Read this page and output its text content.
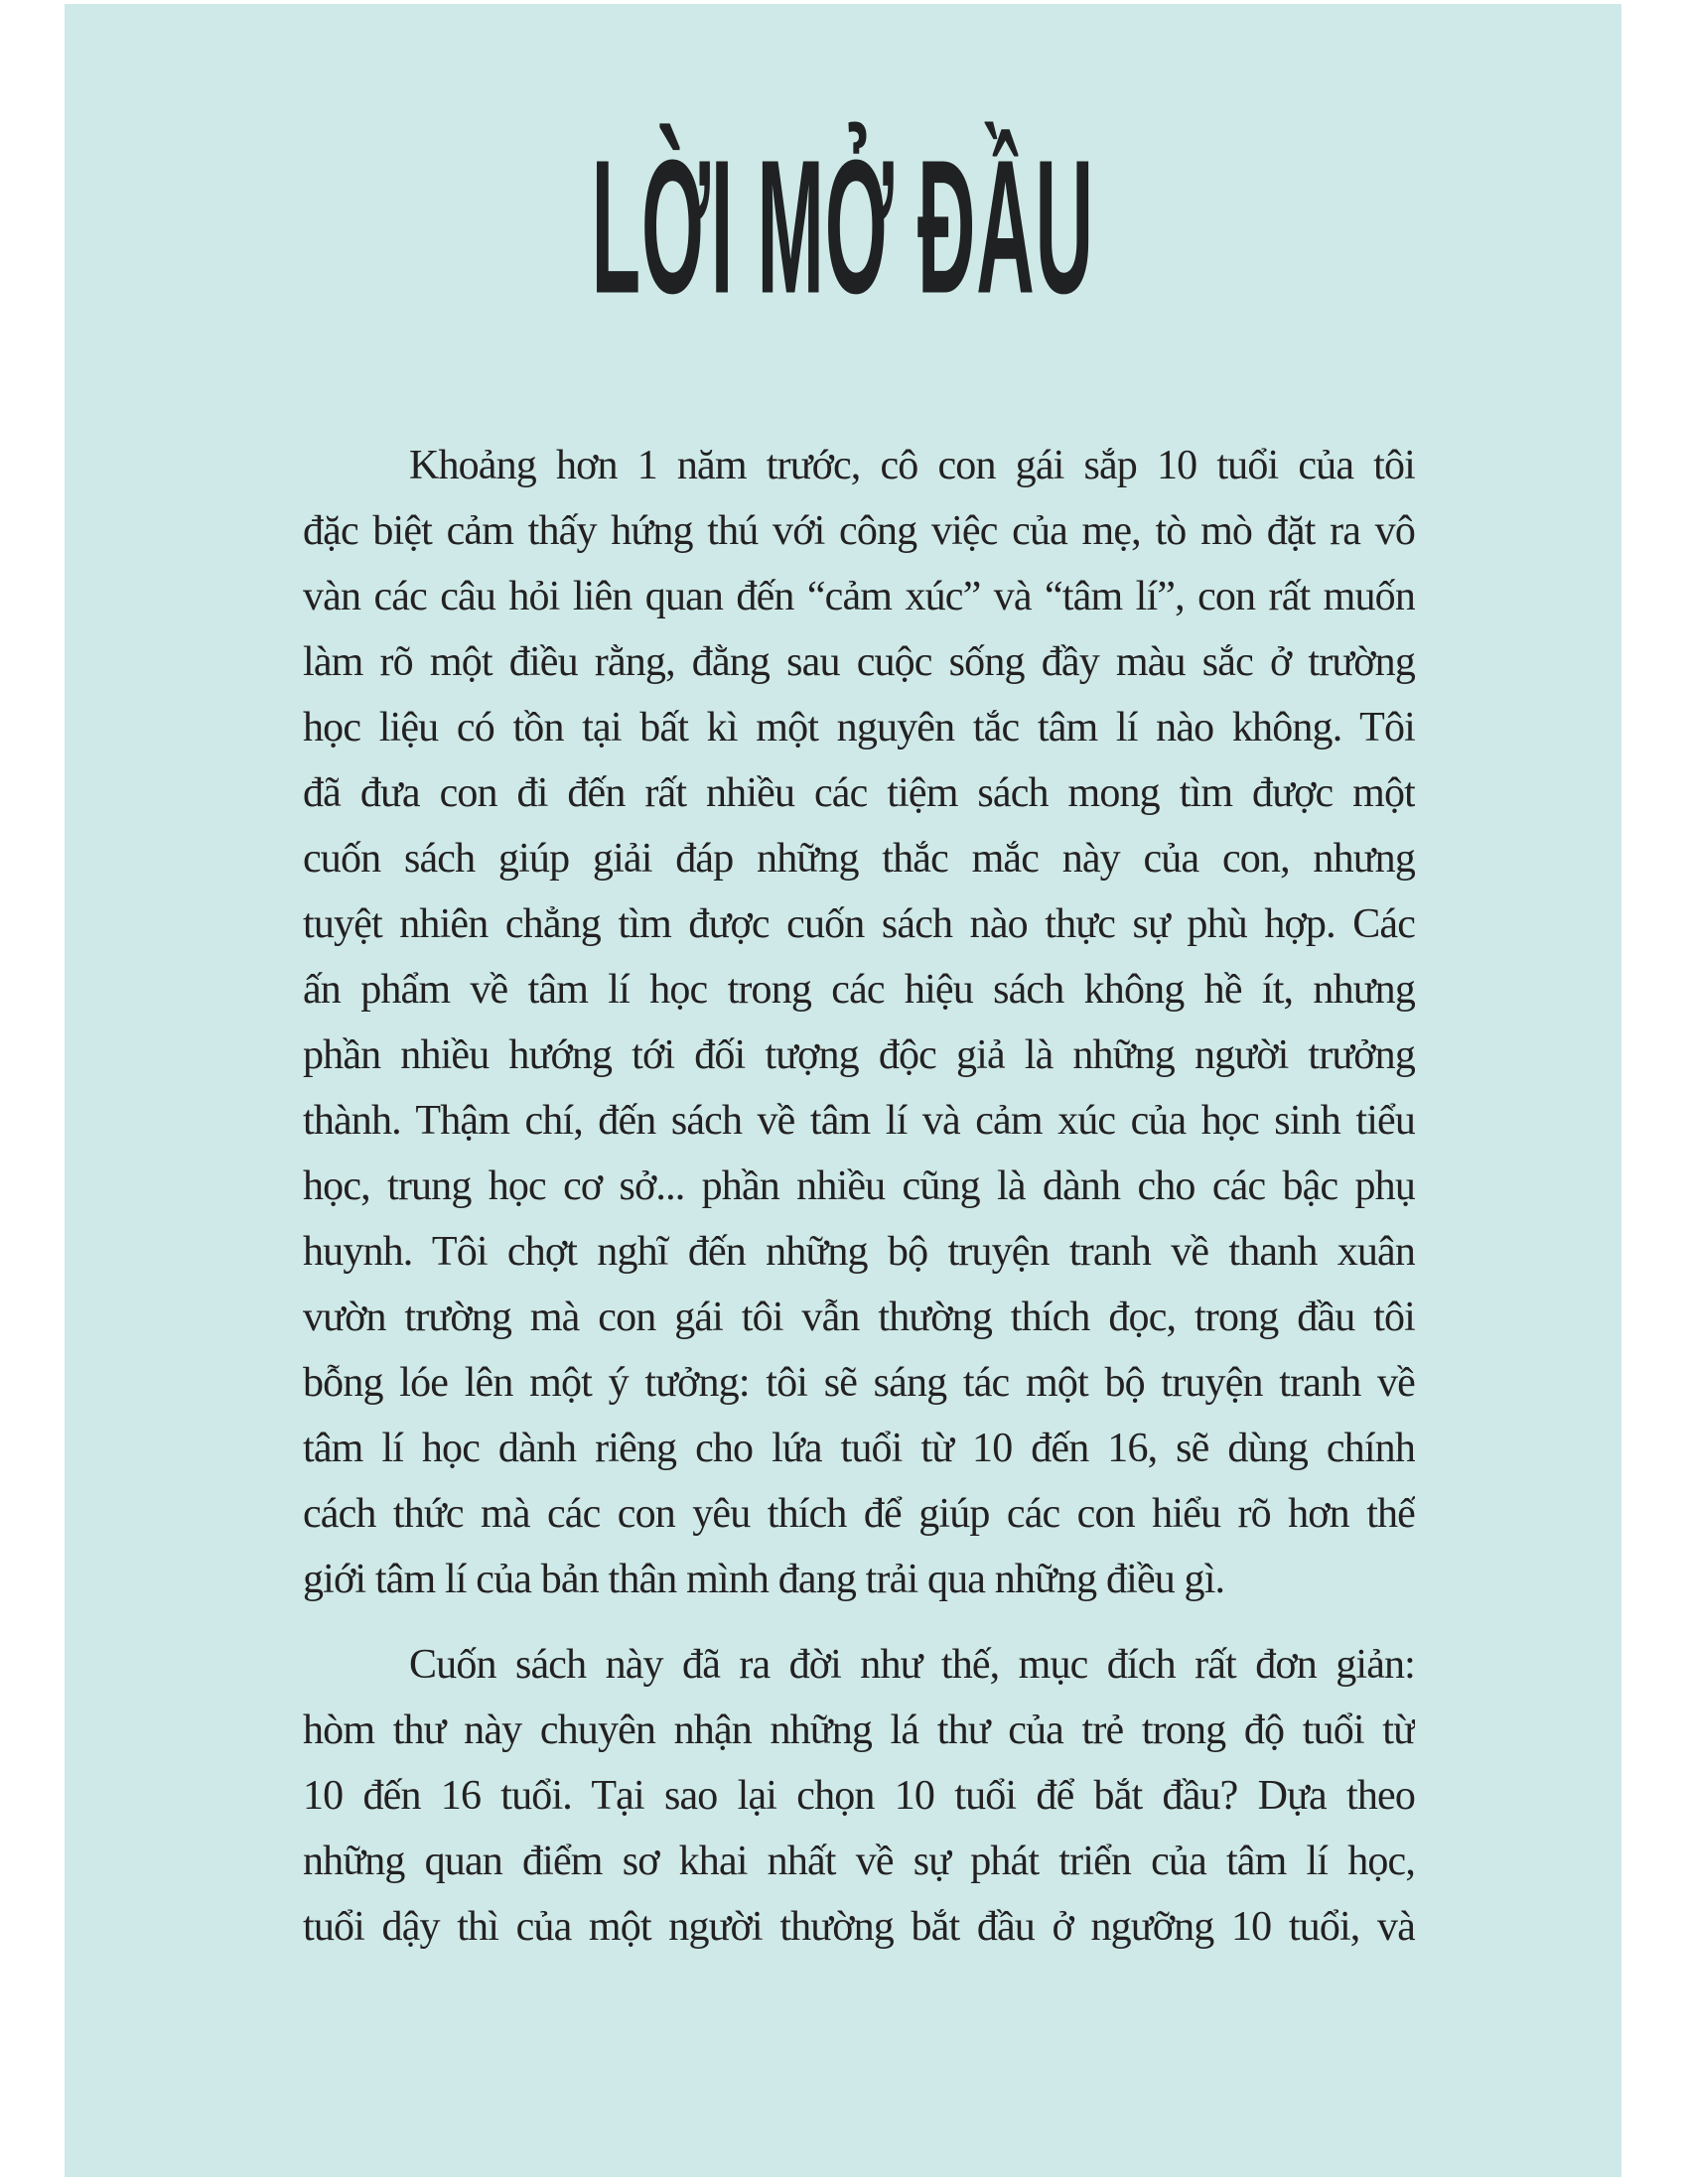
LỜI MỞ ĐẦU
Khoảng hơn 1 năm trước, cô con gái sắp 10 tuổi của tôi
đặc biệt cảm thấy hứng thú với công việc của mẹ, tò mò đặt ra vô
vàn các câu hỏi liên quan đến “cảm xúc” và “tâm lí”, con rất muốn
làm rõ một điều rằng, đằng sau cuộc sống đầy màu sắc ở trường
học liệu có tồn tại bất kì một nguyên tắc tâm lí nào không. Tôi
đã đưa con đi đến rất nhiều các tiệm sách mong tìm được một
cuốn sách giúp giải đáp những thắc mắc này của con, nhưng
tuyệt nhiên chẳng tìm được cuốn sách nào thực sự phù hợp. Các
ấn phẩm về tâm lí học trong các hiệu sách không hề ít, nhưng
phần nhiều hướng tới đối tượng độc giả là những người trưởng
thành. Thậm chí, đến sách về tâm lí và cảm xúc của học sinh tiểu
học, trung học cơ sở... phần nhiều cũng là dành cho các bậc phụ
huynh. Tôi chợt nghĩ đến những bộ truyện tranh về thanh xuân
vườn trường mà con gái tôi vẫn thường thích đọc, trong đầu tôi
bỗng lóe lên một ý tưởng: tôi sẽ sáng tác một bộ truyện tranh về
tâm lí học dành riêng cho lứa tuổi từ 10 đến 16, sẽ dùng chính
cách thức mà các con yêu thích để giúp các con hiểu rõ hơn thế
giới tâm lí của bản thân mình đang trải qua những điều gì.
Cuốn sách này đã ra đời như thế, mục đích rất đơn giản:
hòm thư này chuyên nhận những lá thư của trẻ trong độ tuổi từ
10 đến 16 tuổi. Tại sao lại chọn 10 tuổi để bắt đầu? Dựa theo
những quan điểm sơ khai nhất về sự phát triển của tâm lí học,
tuổi dậy thì của một người thường bắt đầu ở ngưỡng 10 tuổi, và
